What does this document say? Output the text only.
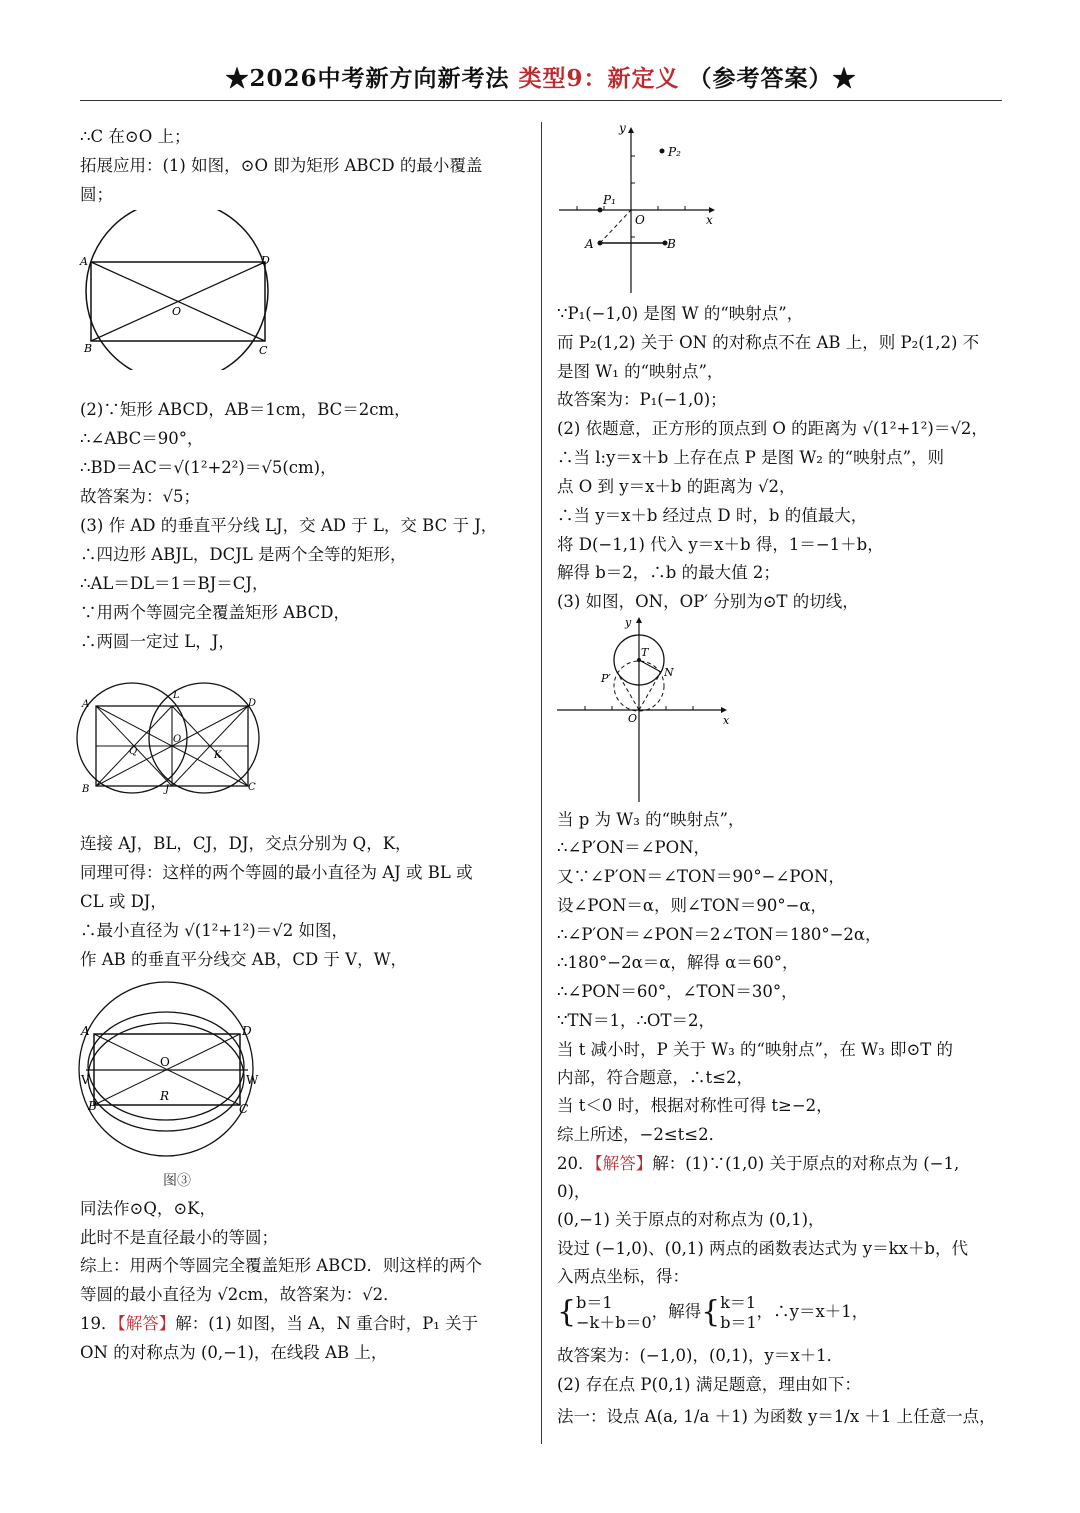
★2026中考新方向新考法 类型9：新定义 （参考答案）★
∴C 在⊙O 上；
拓展应用：(1) 如图，⊙O 即为矩形 ABCD 的最小覆盖
圆；
A	D
B	C
O
(2)∵矩形 ABCD，AB＝1cm，BC＝2cm，
∴∠ABC＝90°，
∴BD＝AC＝√(1²+2²)＝√5(cm)，
故答案为：√5；
(3) 作 AD 的垂直平分线 LJ，交 AD 于 L，交 BC 于 J，
∴四边形 ABJL，DCJL 是两个全等的矩形，
∴AL＝DL＝1＝BJ＝CJ，
∵用两个等圆完全覆盖矩形 ABCD，
∴两圆一定过 L，J，
A
L
D
Q
O
K
B	J	C
连接 AJ，BL，CJ，DJ，交点分别为 Q，K，
同理可得：这样的两个等圆的最小直径为 AJ 或 BL 或
CL 或 DJ，
∴最小直径为 √(1²+1²)＝√2 如图，
作 AB 的垂直平分线交 AB，CD 于 V，W，
A	D
O
V	W
R
B	C
图③
同法作⊙Q，⊙K，
此时不是直径最小的等圆；
综上：用两个等圆完全覆盖矩形 ABCD．则这样的两个
等圆的最小直径为 √2cm，故答案为：√2．
19．【解答】解：(1) 如图，当 A，N 重合时，P₁ 关于
ON 的对称点为 (0,−1)，在线段 AB 上，
y
P₂
P₁
O	x
A	B
∵P₁(−1,0) 是图 W 的“映射点”，
而 P₂(1,2) 关于 ON 的对称点不在 AB 上，则 P₂(1,2) 不
是图 W₁ 的“映射点”，
故答案为：P₁(−1,0)；
(2) 依题意，正方形的顶点到 O 的距离为 √(1²+1²)＝√2，
∴当 l:y＝x＋b 上存在点 P 是图 W₂ 的“映射点”，则
点 O 到 y＝x＋b 的距离为 √2，
∴当 y＝x＋b 经过点 D 时，b 的值最大，
将 D(−1,1) 代入 y＝x＋b 得，1＝−1＋b，
解得 b＝2，∴b 的最大值 2；
(3) 如图，ON，OP′ 分别为⊙T 的切线，
y
T
N
P′
O	x
当 p 为 W₃ 的“映射点”，
∴∠P′ON＝∠PON，
又∵∠P′ON＝∠TON＝90°−∠PON，
设∠PON＝α，则∠TON＝90°−α，
∴∠P′ON＝∠PON＝2∠TON＝180°−2α，
∴180°−2α＝α，解得 α＝60°，
∴∠PON＝60°，∠TON＝30°，
∵TN＝1，∴OT＝2，
当 t 减小时，P 关于 W₃ 的“映射点”，在 W₃ 即⊙T 的
内部，符合题意，∴t≤2，
当 t＜0 时，根据对称性可得 t≥−2，
综上所述，−2≤t≤2．
20．【解答】解：(1)∵(1,0) 关于原点的对称点为 (−1,
0)，
(0,−1) 关于原点的对称点为 (0,1)，
设过 (−1,0)、(0,1) 两点的函数表达式为 y＝kx＋b，代
入两点坐标，得：
{ b＝1
−k＋b＝0
，解得{ k＝1
b＝1
，∴y＝x＋1，
故答案为：(−1,0)，(0,1)，y＝x＋1．
(2) 存在点 P(0,1) 满足题意，理由如下：
法一：设点 A(a, 1/a ＋1) 为函数 y＝1/x ＋1 上任意一点，
